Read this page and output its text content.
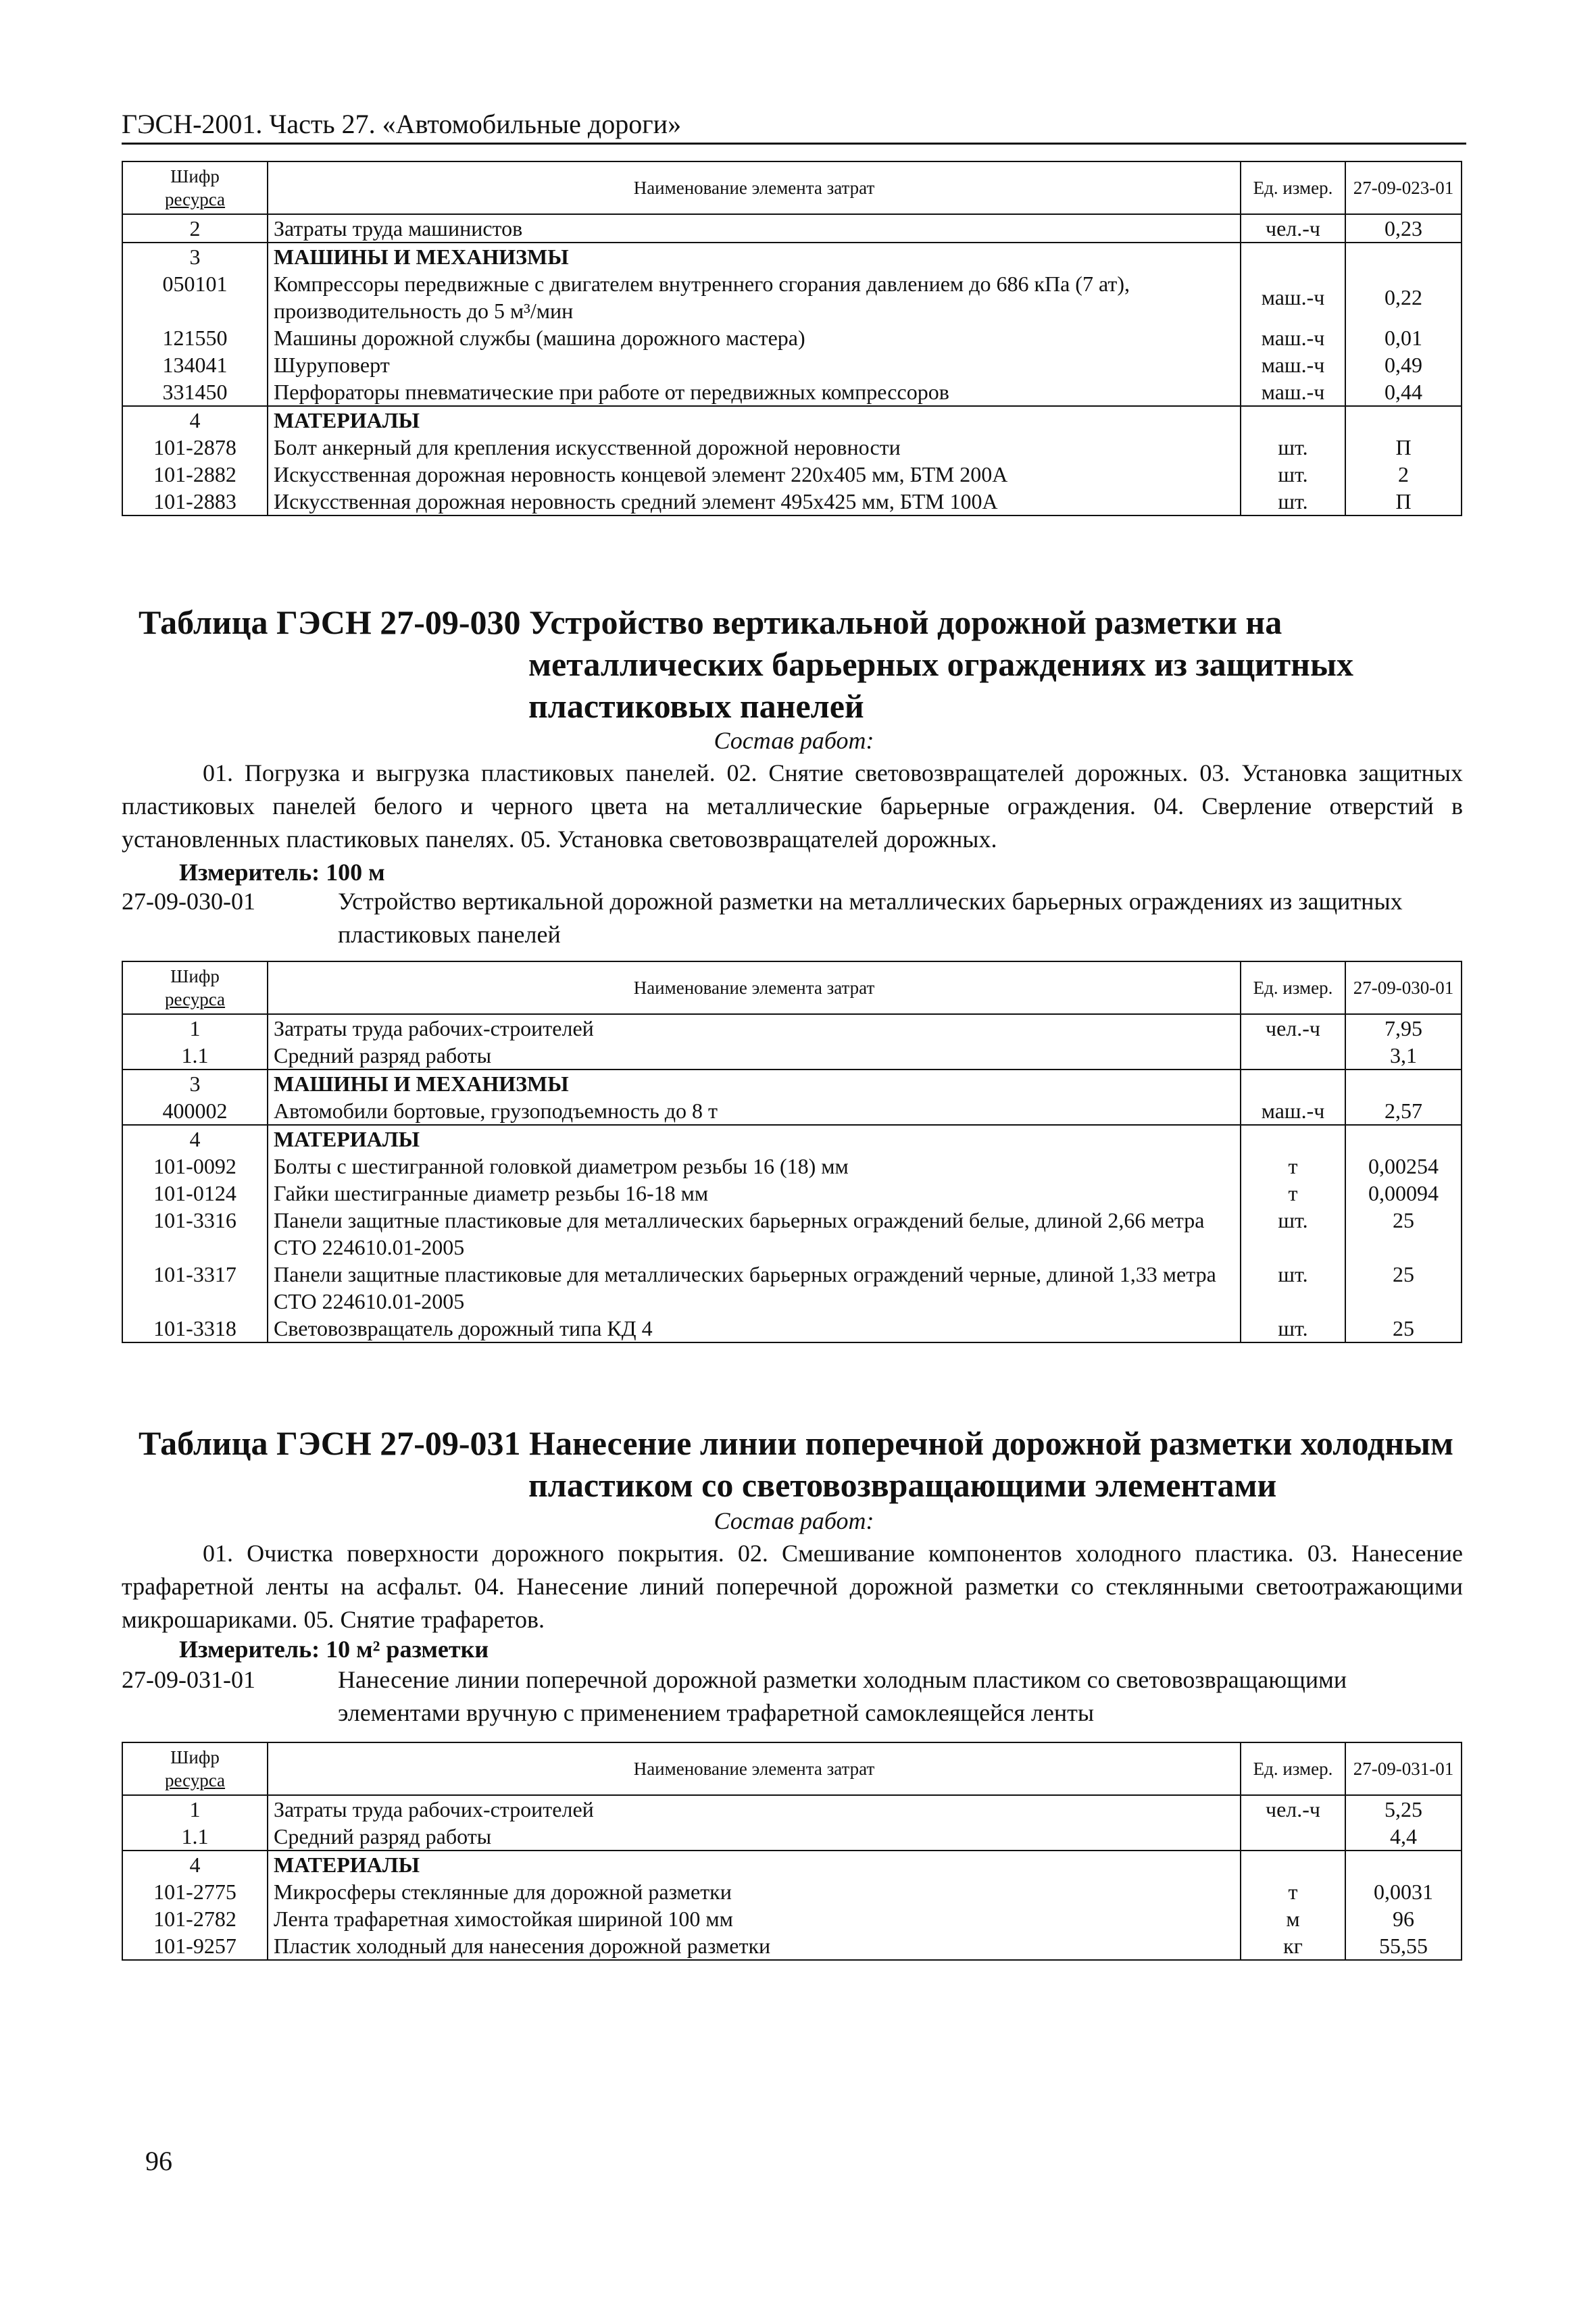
ГЭСН-2001. Часть 27. «Автомобильные дороги»
Шифр
ресурса	Наименование элемента затрат	Ед. измер.	27-09-023-01
2	Затраты труда машинистов	чел.-ч	0,23
3	МАШИНЫ И МЕХАНИЗМЫ		
050101	Компрессоры передвижные с двигателем внутреннего сгорания давлением до 686 кПа (7 ат), производительность до 5 м³/мин	маш.-ч	0,22
121550	Машины дорожной службы (машина дорожного мастера)	маш.-ч	0,01
134041	Шуруповерт	маш.-ч	0,49
331450	Перфораторы пневматические при работе от передвижных компрессоров	маш.-ч	0,44
4	МАТЕРИАЛЫ		
101-2878	Болт анкерный для крепления искусственной дорожной неровности	шт.	П
101-2882	Искусственная дорожная неровность концевой элемент 220х405 мм, БТМ 200А	шт.	2
101-2883	Искусственная дорожная неровность средний элемент 495х425 мм, БТМ 100А	шт.	П
Таблица ГЭСН 27-09-030 Устройство вертикальной дорожной разметки на
металлических барьерных ограждениях из защитных
пластиковых панелей
Состав работ:
01. Погрузка и выгрузка пластиковых панелей. 02. Снятие световозвращателей дорожных. 03. Установка защитных пластиковых панелей белого и черного цвета на металлические барьерные ограждения. 04. Сверление отверстий в установленных пластиковых панелях. 05. Установка световозвращателей дорожных.
Измеритель: 100 м
27-09-030-01	Устройство вертикальной дорожной разметки на металлических барьерных ограждениях из защитных пластиковых панелей
Шифр
ресурса	Наименование элемента затрат	Ед. измер.	27-09-030-01
1	Затраты труда рабочих-строителей	чел.-ч	7,95
1.1	Средний разряд работы		3,1
3	МАШИНЫ И МЕХАНИЗМЫ		
400002	Автомобили бортовые, грузоподъемность до 8 т	маш.-ч	2,57
4	МАТЕРИАЛЫ		
101-0092	Болты с шестигранной головкой диаметром резьбы 16 (18) мм	т	0,00254
101-0124	Гайки шестигранные диаметр резьбы 16-18 мм	т	0,00094
101-3316	Панели защитные пластиковые для металлических барьерных ограждений белые, длиной 2,66 метра СТО 224610.01-2005	шт.	25
101-3317	Панели защитные пластиковые для металлических барьерных ограждений черные, длиной 1,33 метра СТО 224610.01-2005	шт.	25
101-3318	Световозвращатель дорожный типа КД 4	шт.	25
Таблица ГЭСН 27-09-031 Нанесение линии поперечной дорожной разметки холодным
пластиком со световозвращающими элементами
Состав работ:
01. Очистка поверхности дорожного покрытия. 02. Смешивание компонентов холодного пластика. 03. Нанесение трафаретной ленты на асфальт. 04. Нанесение линий поперечной дорожной разметки со стеклянными светоотражающими микрошариками. 05. Снятие трафаретов.
Измеритель: 10 м² разметки
27-09-031-01	Нанесение линии поперечной дорожной разметки холодным пластиком со световозвращающими элементами вручную с применением трафаретной самоклеящейся ленты
Шифр
ресурса	Наименование элемента затрат	Ед. измер.	27-09-031-01
1	Затраты труда рабочих-строителей	чел.-ч	5,25
1.1	Средний разряд работы		4,4
4	МАТЕРИАЛЫ		
101-2775	Микросферы стеклянные для дорожной разметки	т	0,0031
101-2782	Лента трафаретная химостойкая шириной 100 мм	м	96
101-9257	Пластик холодный для нанесения дорожной разметки	кг	55,55
96
